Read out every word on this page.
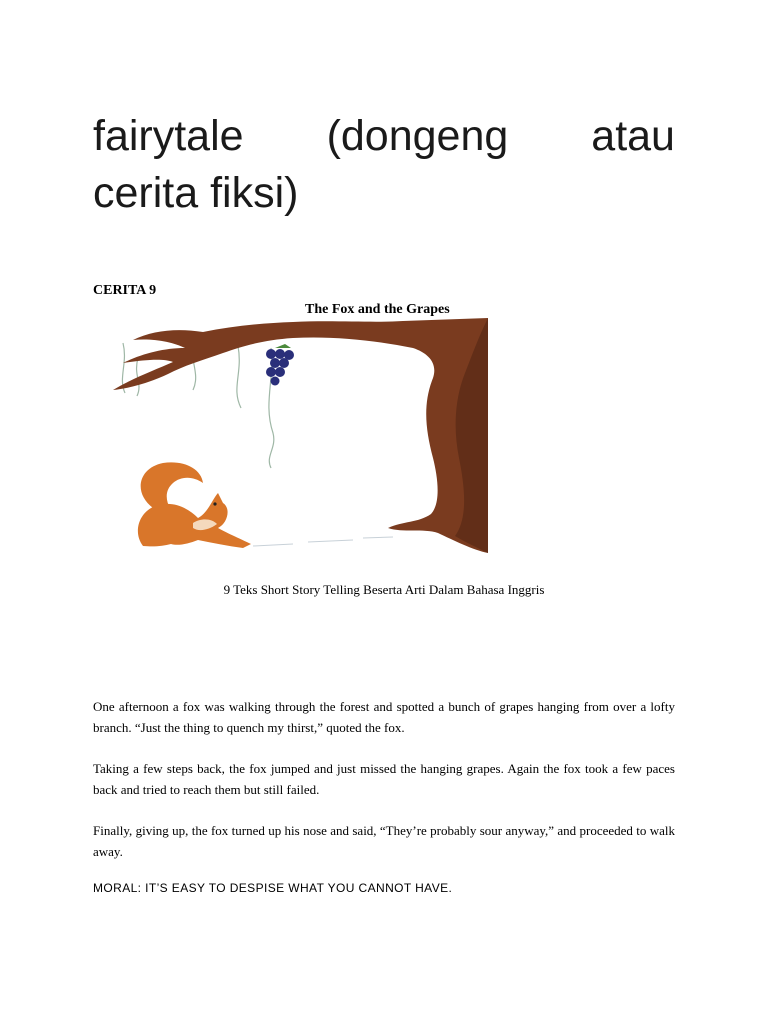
fairytale (dongeng atau
cerita fiksi)
CERITA 9
The Fox and the Grapes
9 Teks Short Story Telling Beserta Arti Dalam Bahasa Inggris
One afternoon a fox was walking through the forest and spotted a bunch of grapes hanging from over a lofty branch. “Just the thing to quench my thirst,” quoted the fox.
Taking a few steps back, the fox jumped and just missed the hanging grapes. Again the fox took a few paces back and tried to reach them but still failed.
Finally, giving up, the fox turned up his nose and said, “They’re probably sour anyway,” and proceeded to walk away.
MORAL: IT’S EASY TO DESPISE WHAT YOU CANNOT HAVE.
